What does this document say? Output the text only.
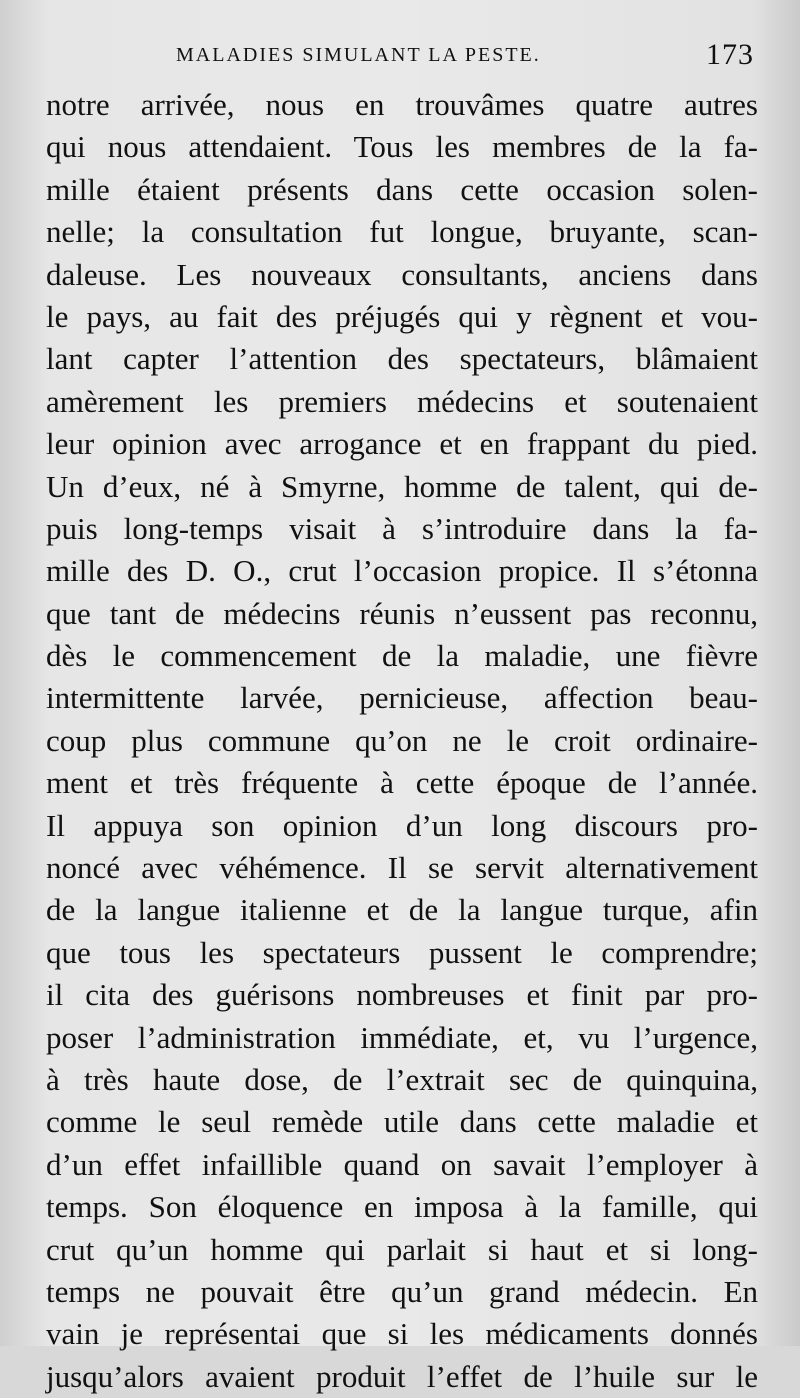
MALADIES SIMULANT LA PESTE.	173
notre arrivée, nous en trouvâmes quatre autres
qui nous attendaient. Tous les membres de la fa-
mille étaient présents dans cette occasion solen-
nelle; la consultation fut longue, bruyante, scan-
daleuse. Les nouveaux consultants, anciens dans
le pays, au fait des préjugés qui y règnent et vou-
lant capter l’attention des spectateurs, blâmaient
amèrement les premiers médecins et soutenaient
leur opinion avec arrogance et en frappant du pied.
Un d’eux, né à Smyrne, homme de talent, qui de-
puis long-temps visait à s’introduire dans la fa-
mille des D. O., crut l’occasion propice. Il s’étonna
que tant de médecins réunis n’eussent pas reconnu,
dès le commencement de la maladie, une fièvre
intermittente larvée, pernicieuse, affection beau-
coup plus commune qu’on ne le croit ordinaire-
ment et très fréquente à cette époque de l’année.
Il appuya son opinion d’un long discours pro-
noncé avec véhémence. Il se servit alternativement
de la langue italienne et de la langue turque, afin
que tous les spectateurs pussent le comprendre;
il cita des guérisons nombreuses et finit par pro-
poser l’administration immédiate, et, vu l’urgence,
à très haute dose, de l’extrait sec de quinquina,
comme le seul remède utile dans cette maladie et
d’un effet infaillible quand on savait l’employer à
temps. Son éloquence en imposa à la famille, qui
crut qu’un homme qui parlait si haut et si long-
temps ne pouvait être qu’un grand médecin. En
vain je représentai que si les médicaments donnés
jusqu’alors avaient produit l’effet de l’huile sur le
